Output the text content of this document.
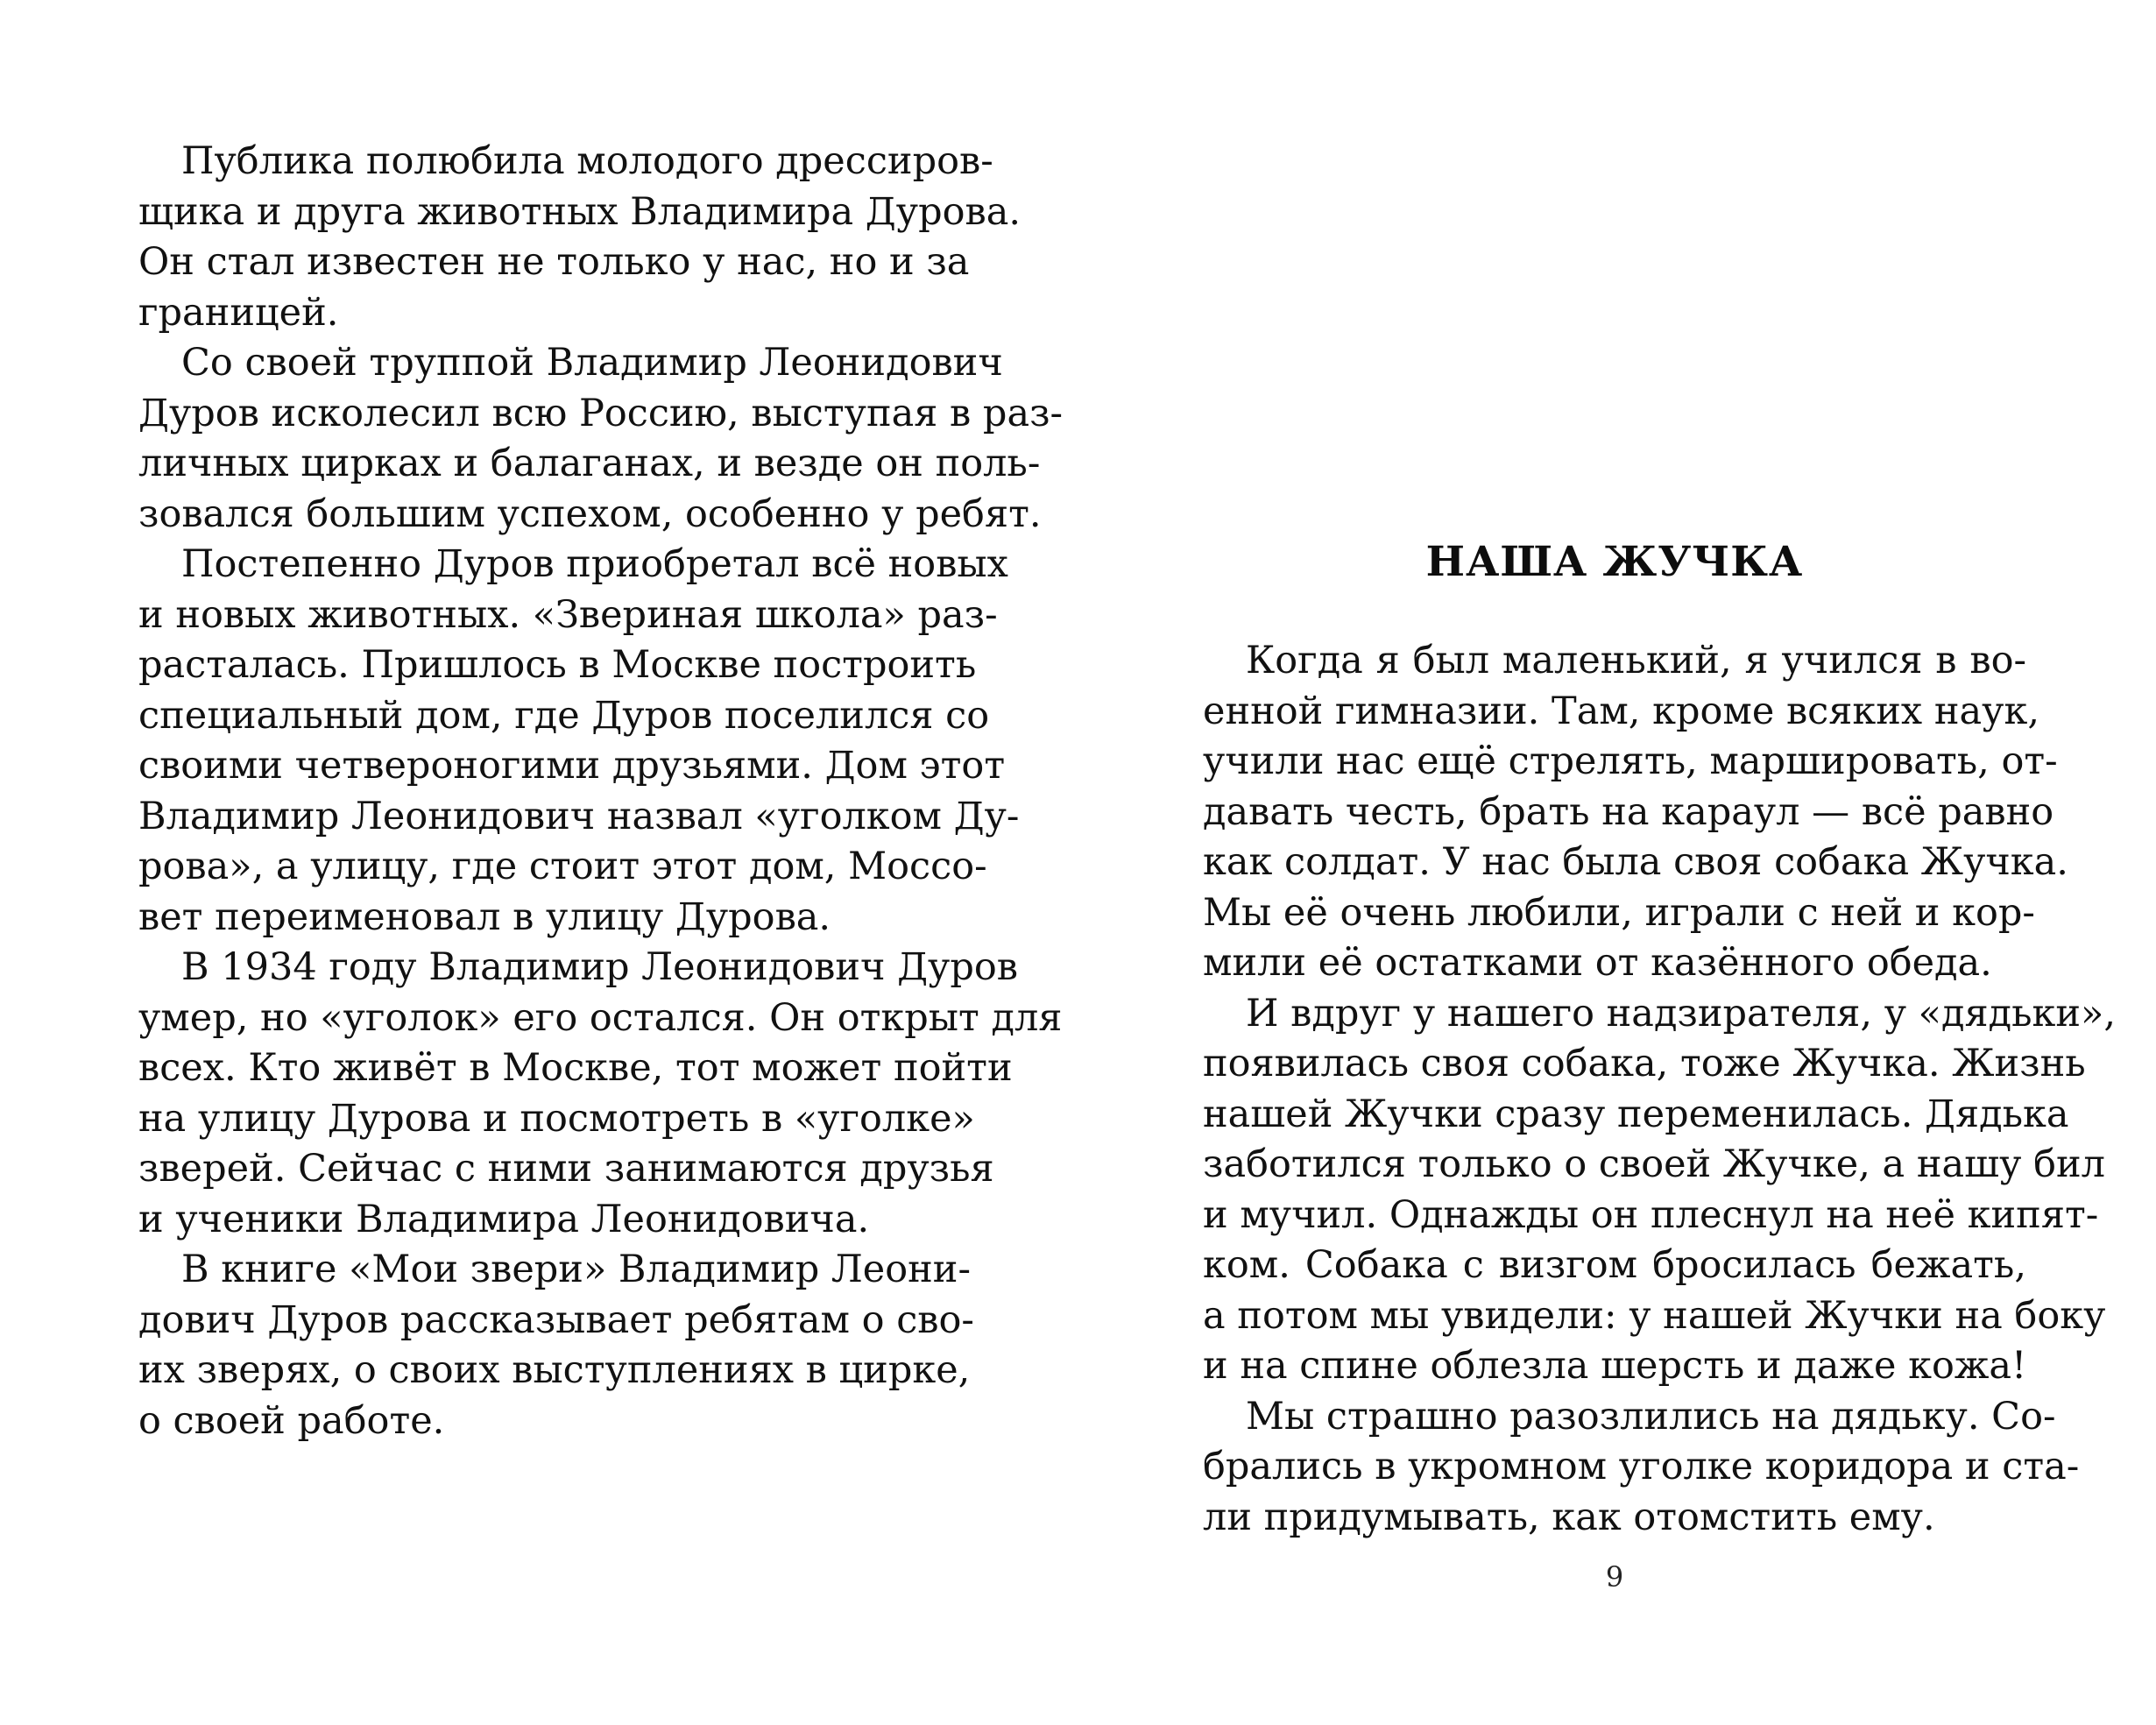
Публика полюбила молодого дрессиров-
щика и друга животных Владимира Дурова.
Он стал известен не только у нас, но и за
границей.
Со своей труппой Владимир Леонидович
Дуров исколесил всю Россию, выступая в раз-
личных цирках и балаганах, и везде он поль-
зовался большим успехом, особенно у ребят.
Постепенно Дуров приобретал всё новых
и новых животных. «Звериная школа» раз-
расталась. Пришлось в Москве построить
специальный дом, где Дуров поселился со
своими четвероногими друзьями. Дом этот
Владимир Леонидович назвал «уголком Ду-
рова», а улицу, где стоит этот дом, Моссо-
вет переименовал в улицу Дурова.
В 1934 году Владимир Леонидович Дуров
умер, но «уголок» его остался. Он открыт для
всех. Кто живёт в Москве, тот может пойти
на улицу Дурова и посмотреть в «уголке»
зверей. Сейчас с ними занимаются друзья
и ученики Владимира Леонидовича.
В книге «Мои звери» Владимир Леони-
дович Дуров рассказывает ребятам о сво-
их зверях, о своих выступлениях в цирке,
о своей работе.
НАША ЖУЧКА
Когда я был маленький, я учился в во-
енной гимназии. Там, кроме всяких наук,
учили нас ещё стрелять, маршировать, от-
давать честь, брать на караул — всё равно
как солдат. У нас была своя собака Жучка.
Мы её очень любили, играли с ней и кор-
мили её остатками от казённого обеда.
И вдруг у нашего надзирателя, у «дядьки»,
появилась своя собака, тоже Жучка. Жизнь
нашей Жучки сразу переменилась. Дядька
заботился только о своей Жучке, а нашу бил
и мучил. Однажды он плеснул на неё кипят-
ком. Собака с визгом бросилась бежать,
а потом мы увидели: у нашей Жучки на боку
и на спине облезла шерсть и даже кожа!
Мы страшно разозлились на дядьку. Со-
брались в укромном уголке коридора и ста-
ли придумывать, как отомстить ему.
9
